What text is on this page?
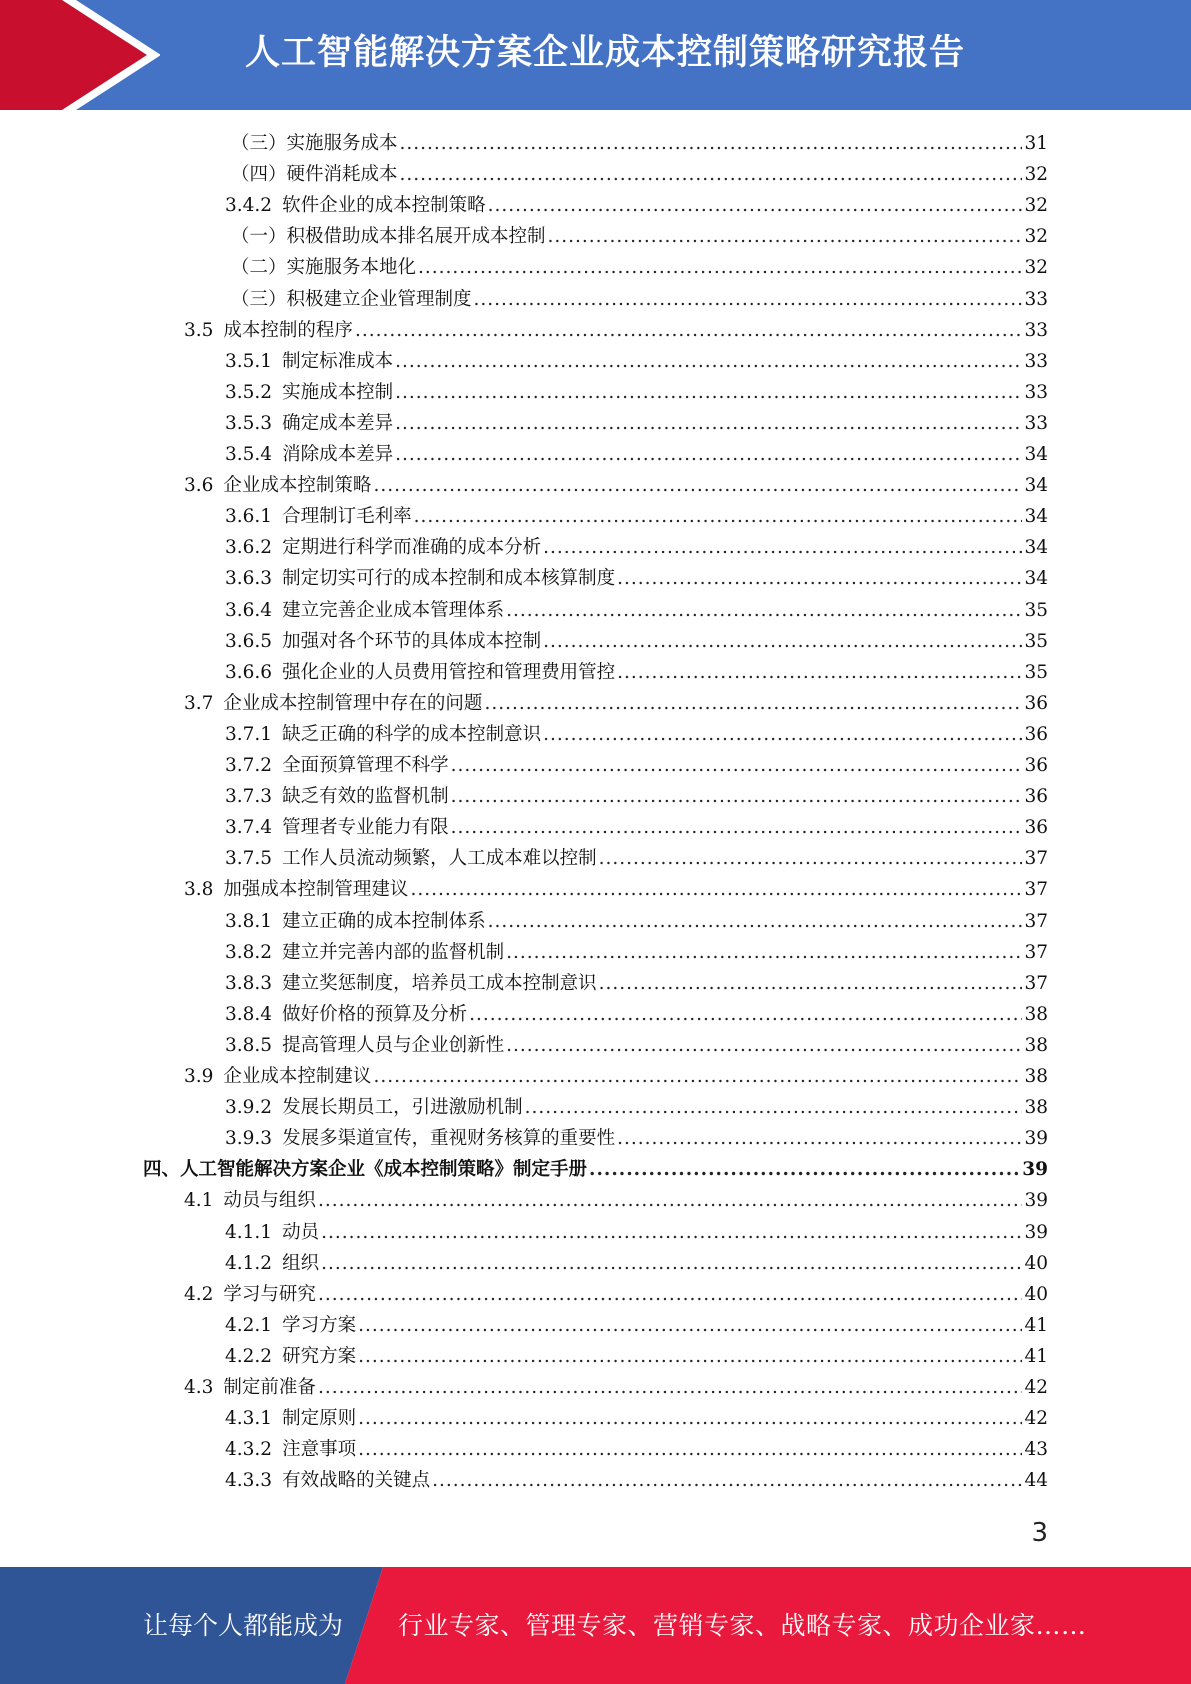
人工智能解决方案企业成本控制策略研究报告
（三）实施服务成本 .....	31
（四）硬件消耗成本 .....	32
3.4.2 软件企业的成本控制策略 .....	32
（一）积极借助成本排名展开成本控制 .....	32
（二）实施服务本地化 .....	32
（三）积极建立企业管理制度 .....	33
3.5 成本控制的程序 .....	33
3.5.1 制定标准成本 .....	33
3.5.2 实施成本控制 .....	33
3.5.3 确定成本差异 .....	33
3.5.4 消除成本差异 .....	34
3.6 企业成本控制策略 .....	34
3.6.1 合理制订毛利率 .....	34
3.6.2 定期进行科学而准确的成本分析 .....	34
3.6.3 制定切实可行的成本控制和成本核算制度 .....	34
3.6.4 建立完善企业成本管理体系 .....	35
3.6.5 加强对各个环节的具体成本控制 .....	35
3.6.6 强化企业的人员费用管控和管理费用管控 .....	35
3.7 企业成本控制管理中存在的问题 .....	36
3.7.1 缺乏正确的科学的成本控制意识 .....	36
3.7.2 全面预算管理不科学 .....	36
3.7.3 缺乏有效的监督机制 .....	36
3.7.4 管理者专业能力有限 .....	36
3.7.5 工作人员流动频繁，人工成本难以控制 .....	37
3.8 加强成本控制管理建议 .....	37
3.8.1 建立正确的成本控制体系 .....	37
3.8.2 建立并完善内部的监督机制 .....	37
3.8.3 建立奖惩制度，培养员工成本控制意识 .....	37
3.8.4 做好价格的预算及分析 .....	38
3.8.5 提高管理人员与企业创新性 .....	38
3.9 企业成本控制建议 .....	38
3.9.2 发展长期员工，引进激励机制 .....	38
3.9.3 发展多渠道宣传，重视财务核算的重要性 .....	39
四、人工智能解决方案企业《成本控制策略》制定手册 .....	39
4.1 动员与组织 .....	39
4.1.1 动员 .....	39
4.1.2 组织 .....	40
4.2 学习与研究 .....	40
4.2.1 学习方案 .....	41
4.2.2 研究方案 .....	41
4.3 制定前准备 .....	42
4.3.1 制定原则 .....	42
4.3.2 注意事项 .....	43
4.3.3 有效战略的关键点 .....	44
3
让每个人都能成为 行业专家、管理专家、营销专家、战略专家、成功企业家……
